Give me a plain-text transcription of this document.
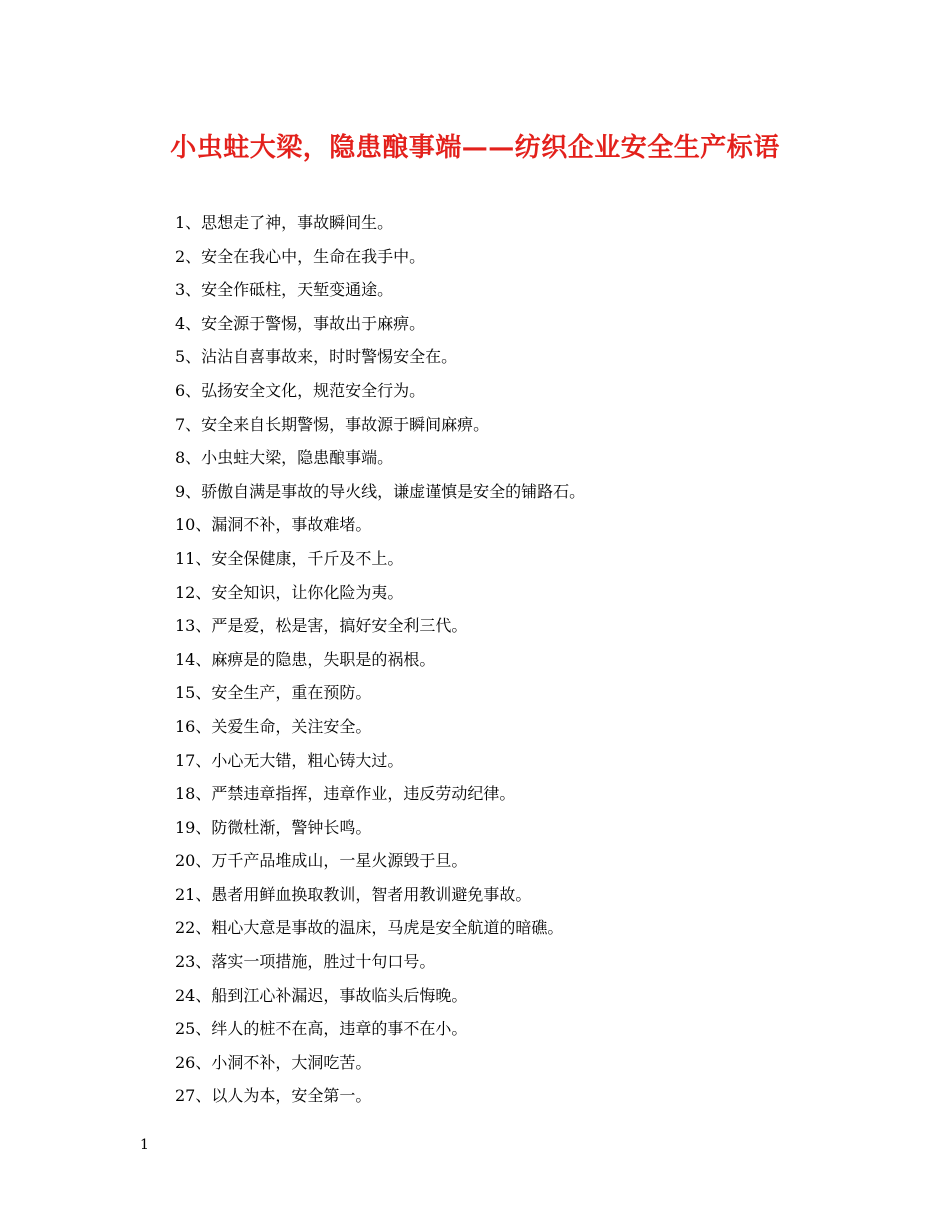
小虫蛀大梁，隐患酿事端——纺织企业安全生产标语
1、思想走了神，事故瞬间生。
2、安全在我心中，生命在我手中。
3、安全作砥柱，天堑变通途。
4、安全源于警惕，事故出于麻痹。
5、沾沾自喜事故来，时时警惕安全在。
6、弘扬安全文化，规范安全行为。
7、安全来自长期警惕，事故源于瞬间麻痹。
8、小虫蛀大梁，隐患酿事端。
9、骄傲自满是事故的导火线，谦虚谨慎是安全的铺路石。
10、漏洞不补，事故难堵。
11、安全保健康，千斤及不上。
12、安全知识，让你化险为夷。
13、严是爱，松是害，搞好安全利三代。
14、麻痹是的隐患，失职是的祸根。
15、安全生产，重在预防。
16、关爱生命，关注安全。
17、小心无大错，粗心铸大过。
18、严禁违章指挥，违章作业，违反劳动纪律。
19、防微杜渐，警钟长鸣。
20、万千产品堆成山，一星火源毁于旦。
21、愚者用鲜血换取教训，智者用教训避免事故。
22、粗心大意是事故的温床，马虎是安全航道的暗礁。
23、落实一项措施，胜过十句口号。
24、船到江心补漏迟，事故临头后悔晚。
25、绊人的桩不在高，违章的事不在小。
26、小洞不补，大洞吃苦。
27、以人为本，安全第一。
1
